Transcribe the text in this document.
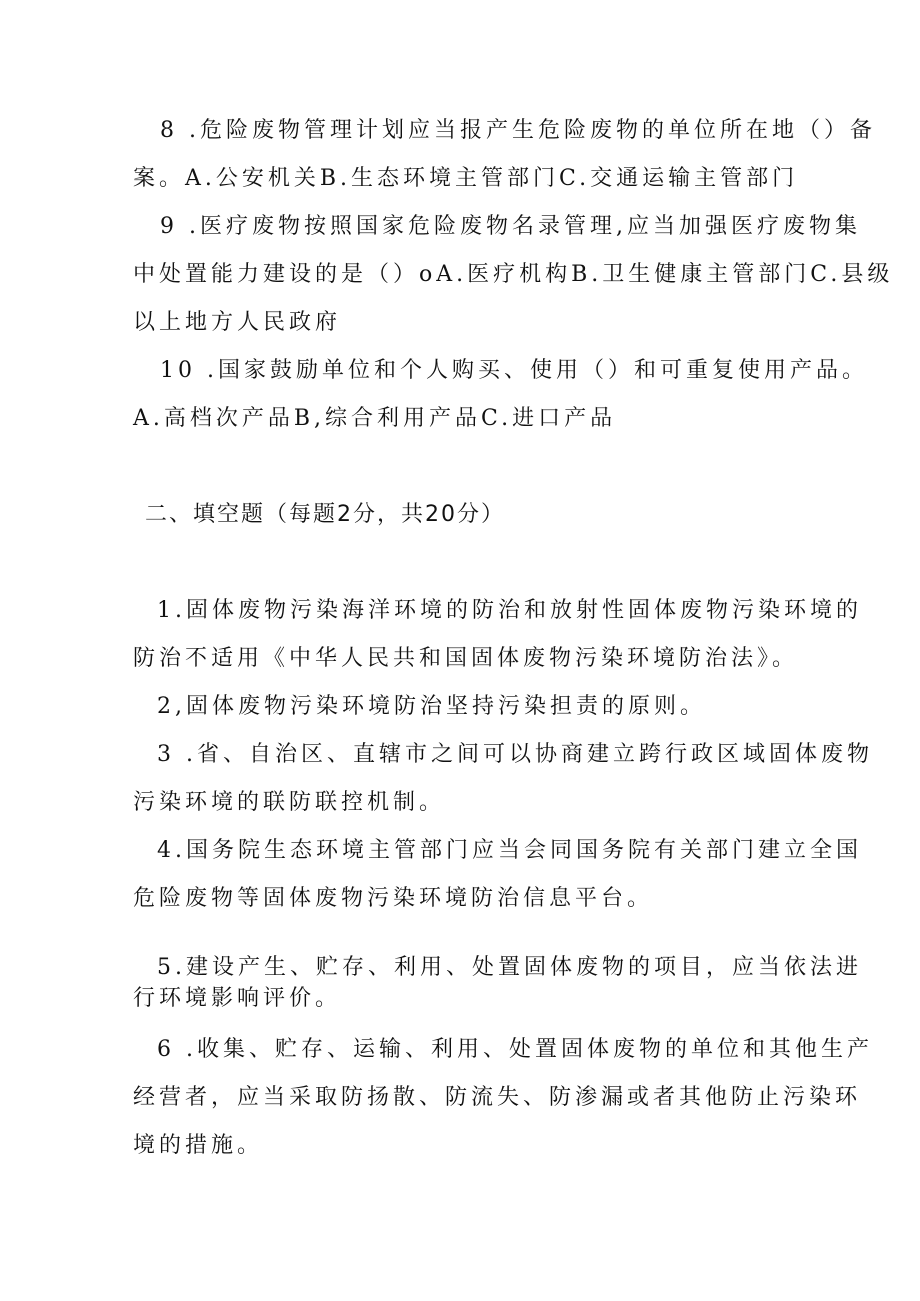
8 .危险废物管理计划应当报产生危险废物的单位所在地（）备
案。A.公安机关B.生态环境主管部门C.交通运输主管部门
9 .医疗废物按照国家危险废物名录管理,应当加强医疗废物集
中处置能力建设的是（）oA.医疗机构B.卫生健康主管部门C.县级
以上地方人民政府
10 .国家鼓励单位和个人购买、使用（）和可重复使用产品。
A.高档次产品B,综合利用产品C.进口产品
二、填空题（每题2分，共20分）
1.固体废物污染海洋环境的防治和放射性固体废物污染环境的
防治不适用《中华人民共和国固体废物污染环境防治法》。
2,固体废物污染环境防治坚持污染担责的原则。
3 .省、自治区、直辖市之间可以协商建立跨行政区域固体废物
污染环境的联防联控机制。
4.国务院生态环境主管部门应当会同国务院有关部门建立全国
危险废物等固体废物污染环境防治信息平台。
5.建设产生、贮存、利用、处置固体废物的项目，应当依法进
行环境影响评价。
6 .收集、贮存、运输、利用、处置固体废物的单位和其他生产
经营者，应当采取防扬散、防流失、防渗漏或者其他防止污染环
境的措施。
